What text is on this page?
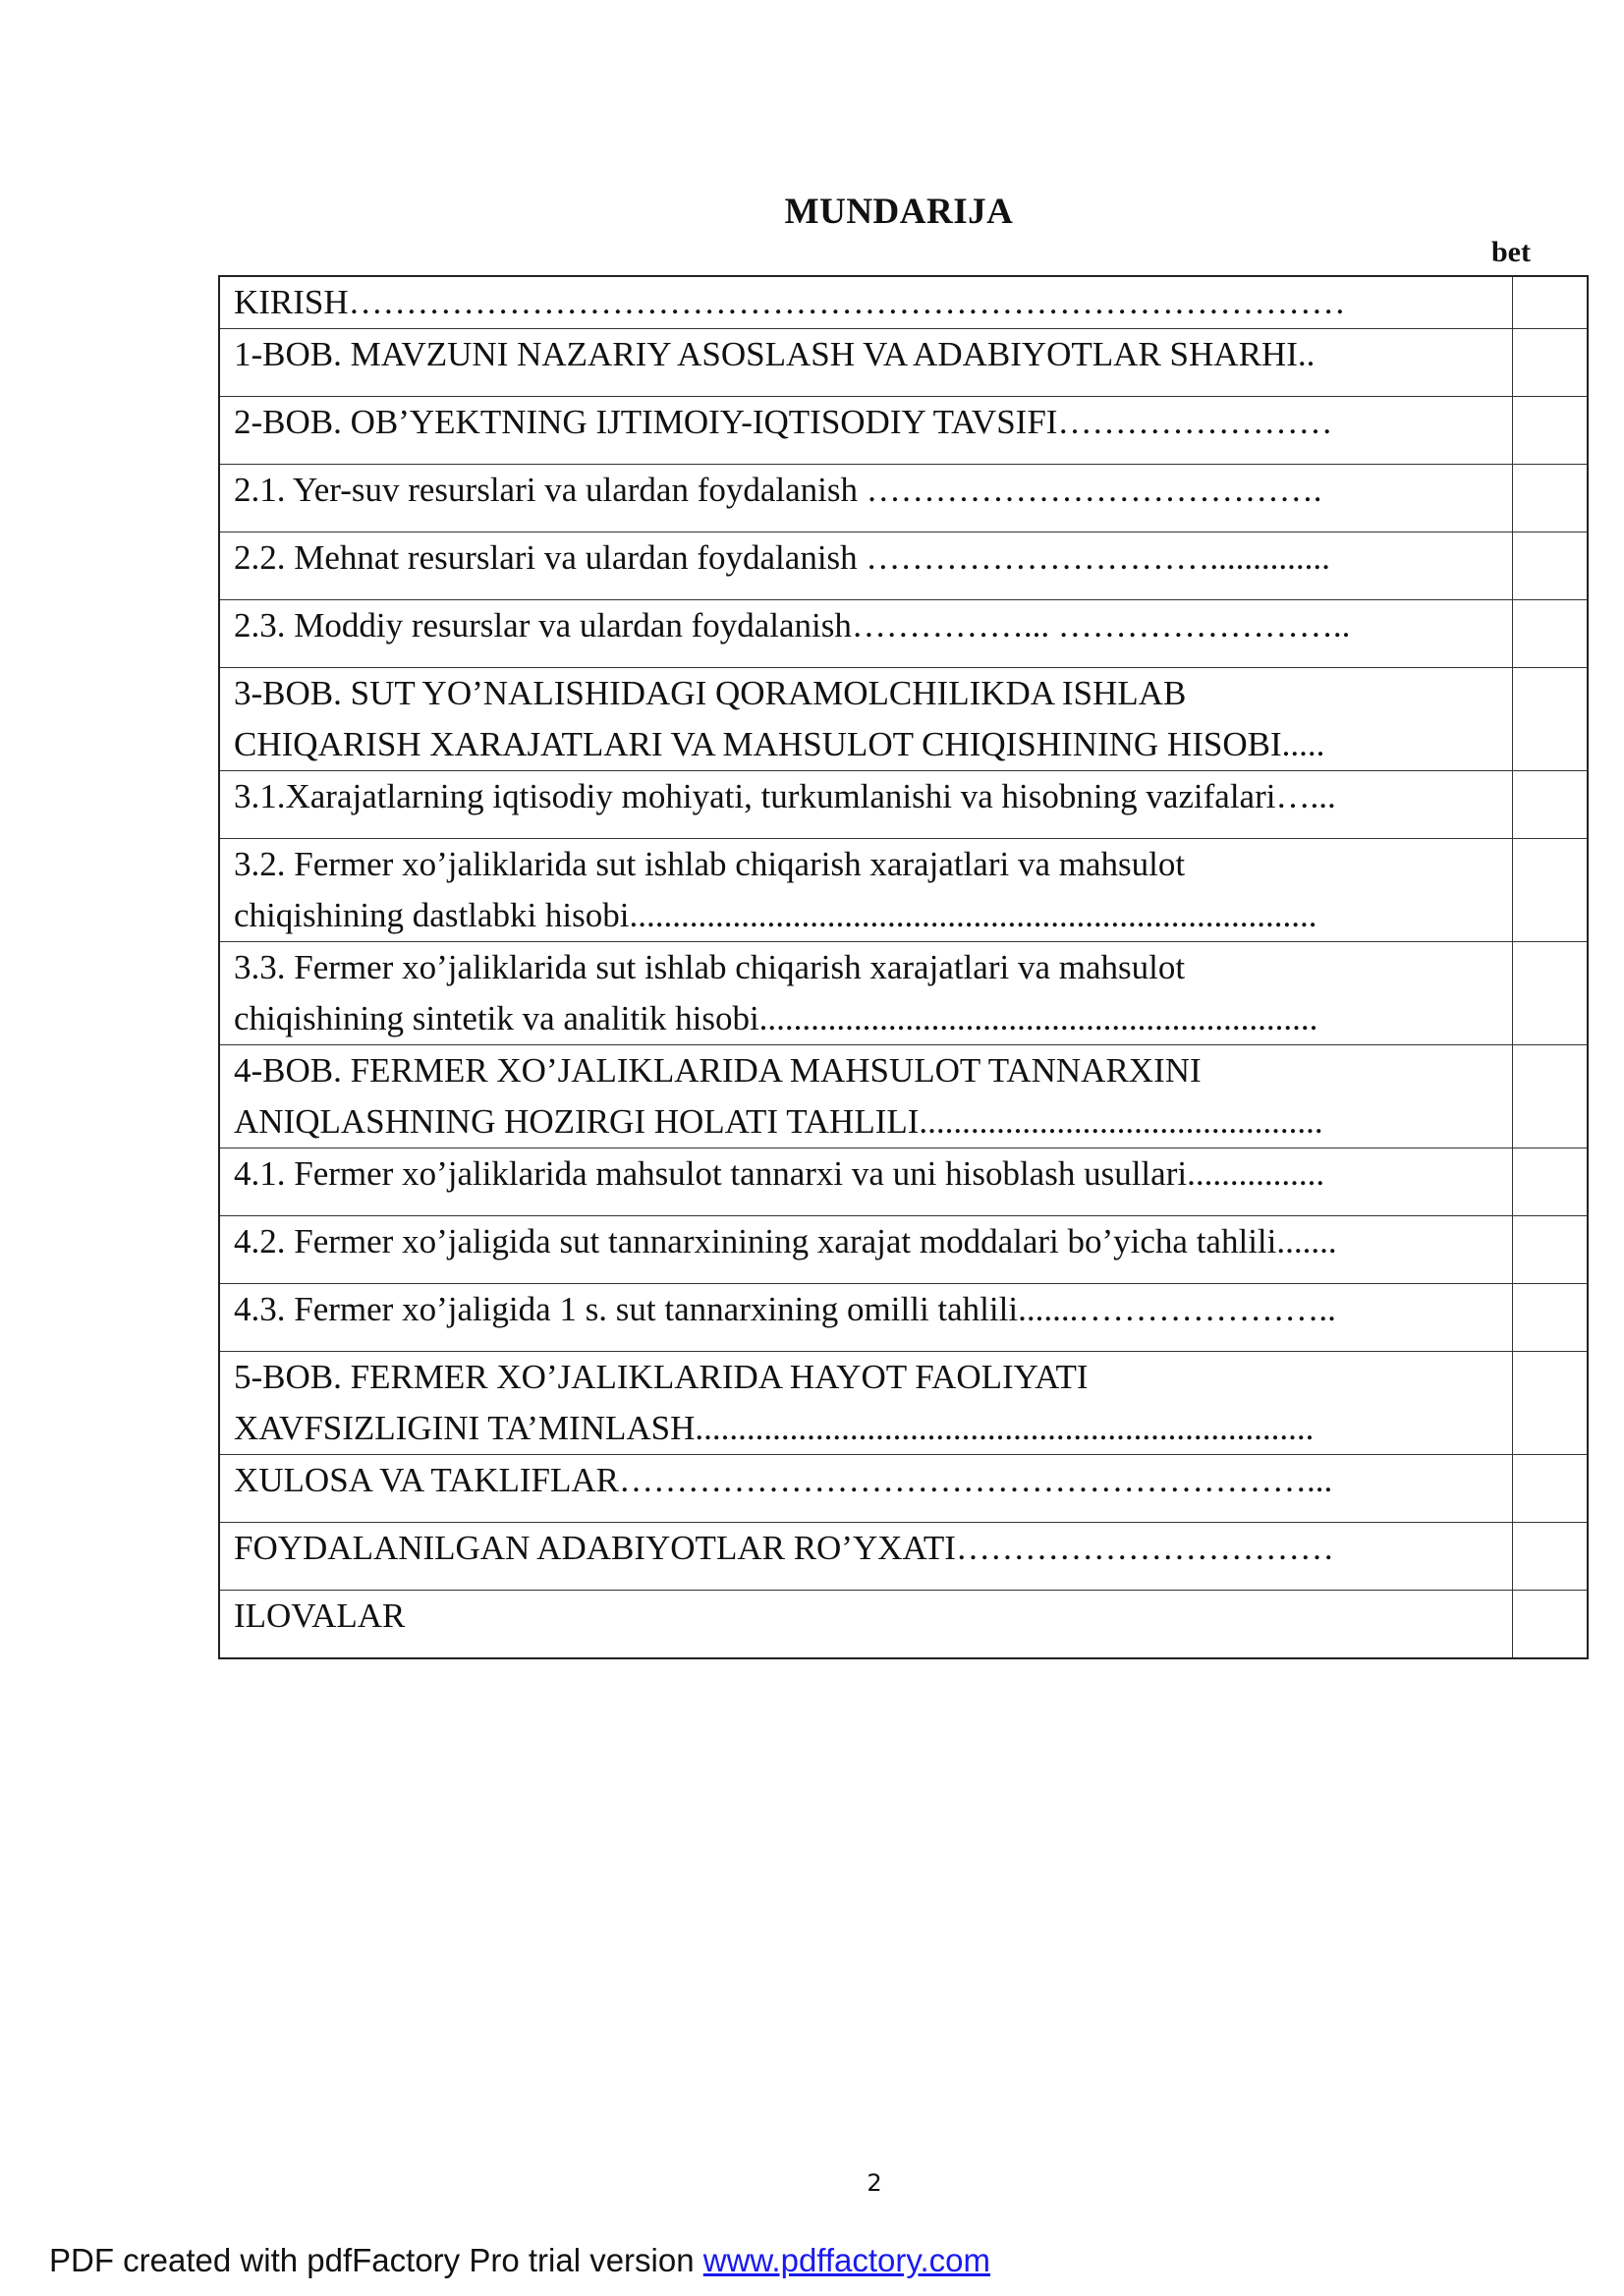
MUNDARIJA
bet
KIRISH……………………………………………………………………………	
1-BOB. MAVZUNI NAZARIY ASOSLASH VA ADABIYOTLAR SHARHI..	
2-BOB. OB’YEKTNING IJTIMOIY-IQTISODIY TAVSIFI……………………	
2.1. Yer-suv resurslari va ulardan foydalanish ………………………………….	
2.2. Mehnat resurslari va ulardan foydalanish …………………………..............	
2.3. Moddiy resurslar va ulardan foydalanish……………... ……………………..	
3-BOB. SUT YO’NALISHIDAGI QORAMOLCHILIKDA ISHLAB
CHIQARISH XARAJATLARI VA MAHSULOT CHIQISHINING HISOBI.....	
3.1.Xarajatlarning iqtisodiy mohiyati, turkumlanishi va hisobning vazifalari…...	
3.2. Fermer xo’jaliklarida sut ishlab chiqarish xarajatlari va mahsulot
chiqishining dastlabki hisobi................................................................................	
3.3. Fermer xo’jaliklarida sut ishlab chiqarish xarajatlari va mahsulot
chiqishining sintetik va analitik hisobi.................................................................	
4-BOB. FERMER XO’JALIKLARIDA MAHSULOT TANNARXINI
ANIQLASHNING HOZIRGI HOLATI TAHLILI...............................................	
4.1. Fermer xo’jaliklarida mahsulot tannarxi va uni hisoblash usullari................	
4.2. Fermer xo’jaligida sut tannarxinining xarajat moddalari bo’yicha tahlili.......	
4.3. Fermer xo’jaligida 1 s. sut tannarxining omilli tahlili.......…………………..	
5-BOB. FERMER XO’JALIKLARIDA HAYOT FAOLIYATI
XAVFSIZLIGINI TA’MINLASH........................................................................	
XULOSA VA TAKLIFLAR……………………………………………………...	
FOYDALANILGAN ADABIYOTLAR RO’YXATI……………………………	
ILOVALAR	
2
PDF created with pdfFactory Pro trial version www.pdffactory.com
